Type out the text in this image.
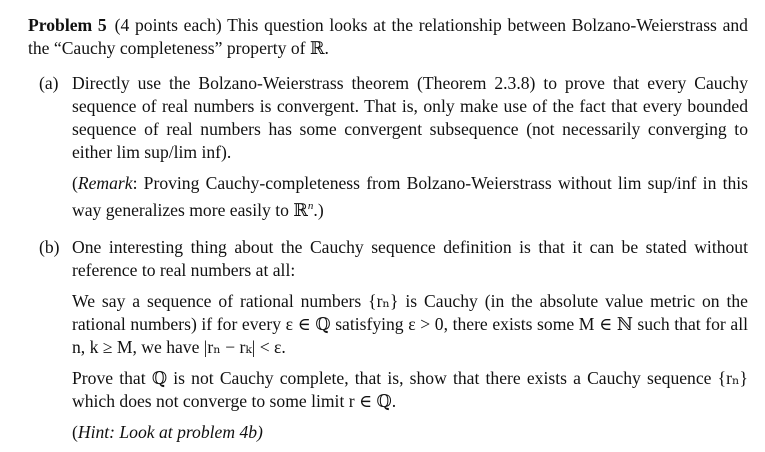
Problem 5 (4 points each) This question looks at the relationship between Bolzano-Weierstrass and the “Cauchy completeness” property of ℝ.

(a) Directly use the Bolzano-Weierstrass theorem (Theorem 2.3.8) to prove that every Cauchy sequence of real numbers is convergent. That is, only make use of the fact that every bounded sequence of real numbers has some convergent subsequence (not necessarily converging to either lim sup/lim inf).

(Remark: Proving Cauchy-completeness from Bolzano-Weierstrass without lim sup/inf in this way generalizes more easily to ℝ$^n$.)

(b) One interesting thing about the Cauchy sequence definition is that it can be stated without reference to real numbers at all:

We say a sequence of rational numbers {rₙ} is Cauchy (in the absolute value metric on the rational numbers) if for every ε ∈ ℚ satisfying ε > 0, there exists some M ∈ ℕ such that for all n, k ≥ M, we have |rₙ − rₖ| < ε.

Prove that ℚ is not Cauchy complete, that is, show that there exists a Cauchy sequence {rₙ} which does not converge to some limit r ∈ ℚ.

(Hint: Look at problem 4b)
